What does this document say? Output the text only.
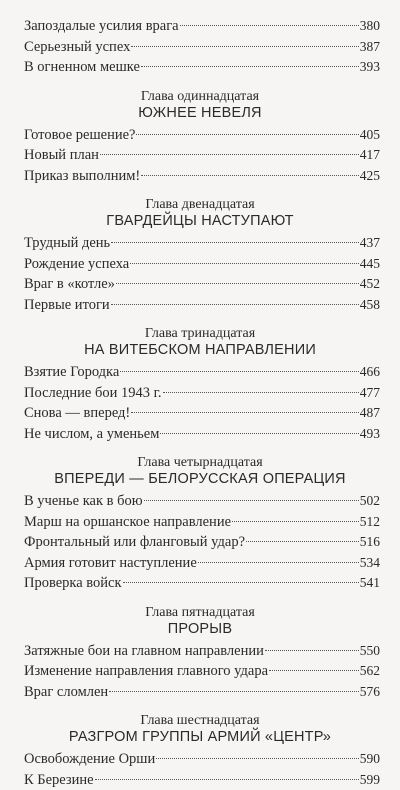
Запоздалые усилия врага	380
Серьезный успех	387
В огненном мешке	393
Глава одиннадцатая
ЮЖНЕЕ НЕВЕЛЯ
Готовое решение?	405
Новый план	417
Приказ выполним!	425
Глава двенадцатая
ГВАРДЕЙЦЫ НАСТУПАЮТ
Трудный день	437
Рождение успеха	445
Враг в «котле»	452
Первые итоги	458
Глава тринадцатая
НА ВИТЕБСКОМ НАПРАВЛЕНИИ
Взятие Городка	466
Последние бои 1943 г.	477
Снова — вперед!	487
Не числом, а уменьем	493
Глава четырнадцатая
ВПЕРЕДИ — БЕЛОРУССКАЯ ОПЕРАЦИЯ
В ученье как в бою	502
Марш на оршанское направление	512
Фронтальный или фланговый удар?	516
Армия готовит наступление	534
Проверка войск	541
Глава пятнадцатая
ПРОРЫВ
Затяжные бои на главном направлении	550
Изменение направления главного удара	562
Враг сломлен	576
Глава шестнадцатая
РАЗГРОМ ГРУППЫ АРМИЙ «ЦЕНТР»
Освобождение Орши	590
К Березине	599
